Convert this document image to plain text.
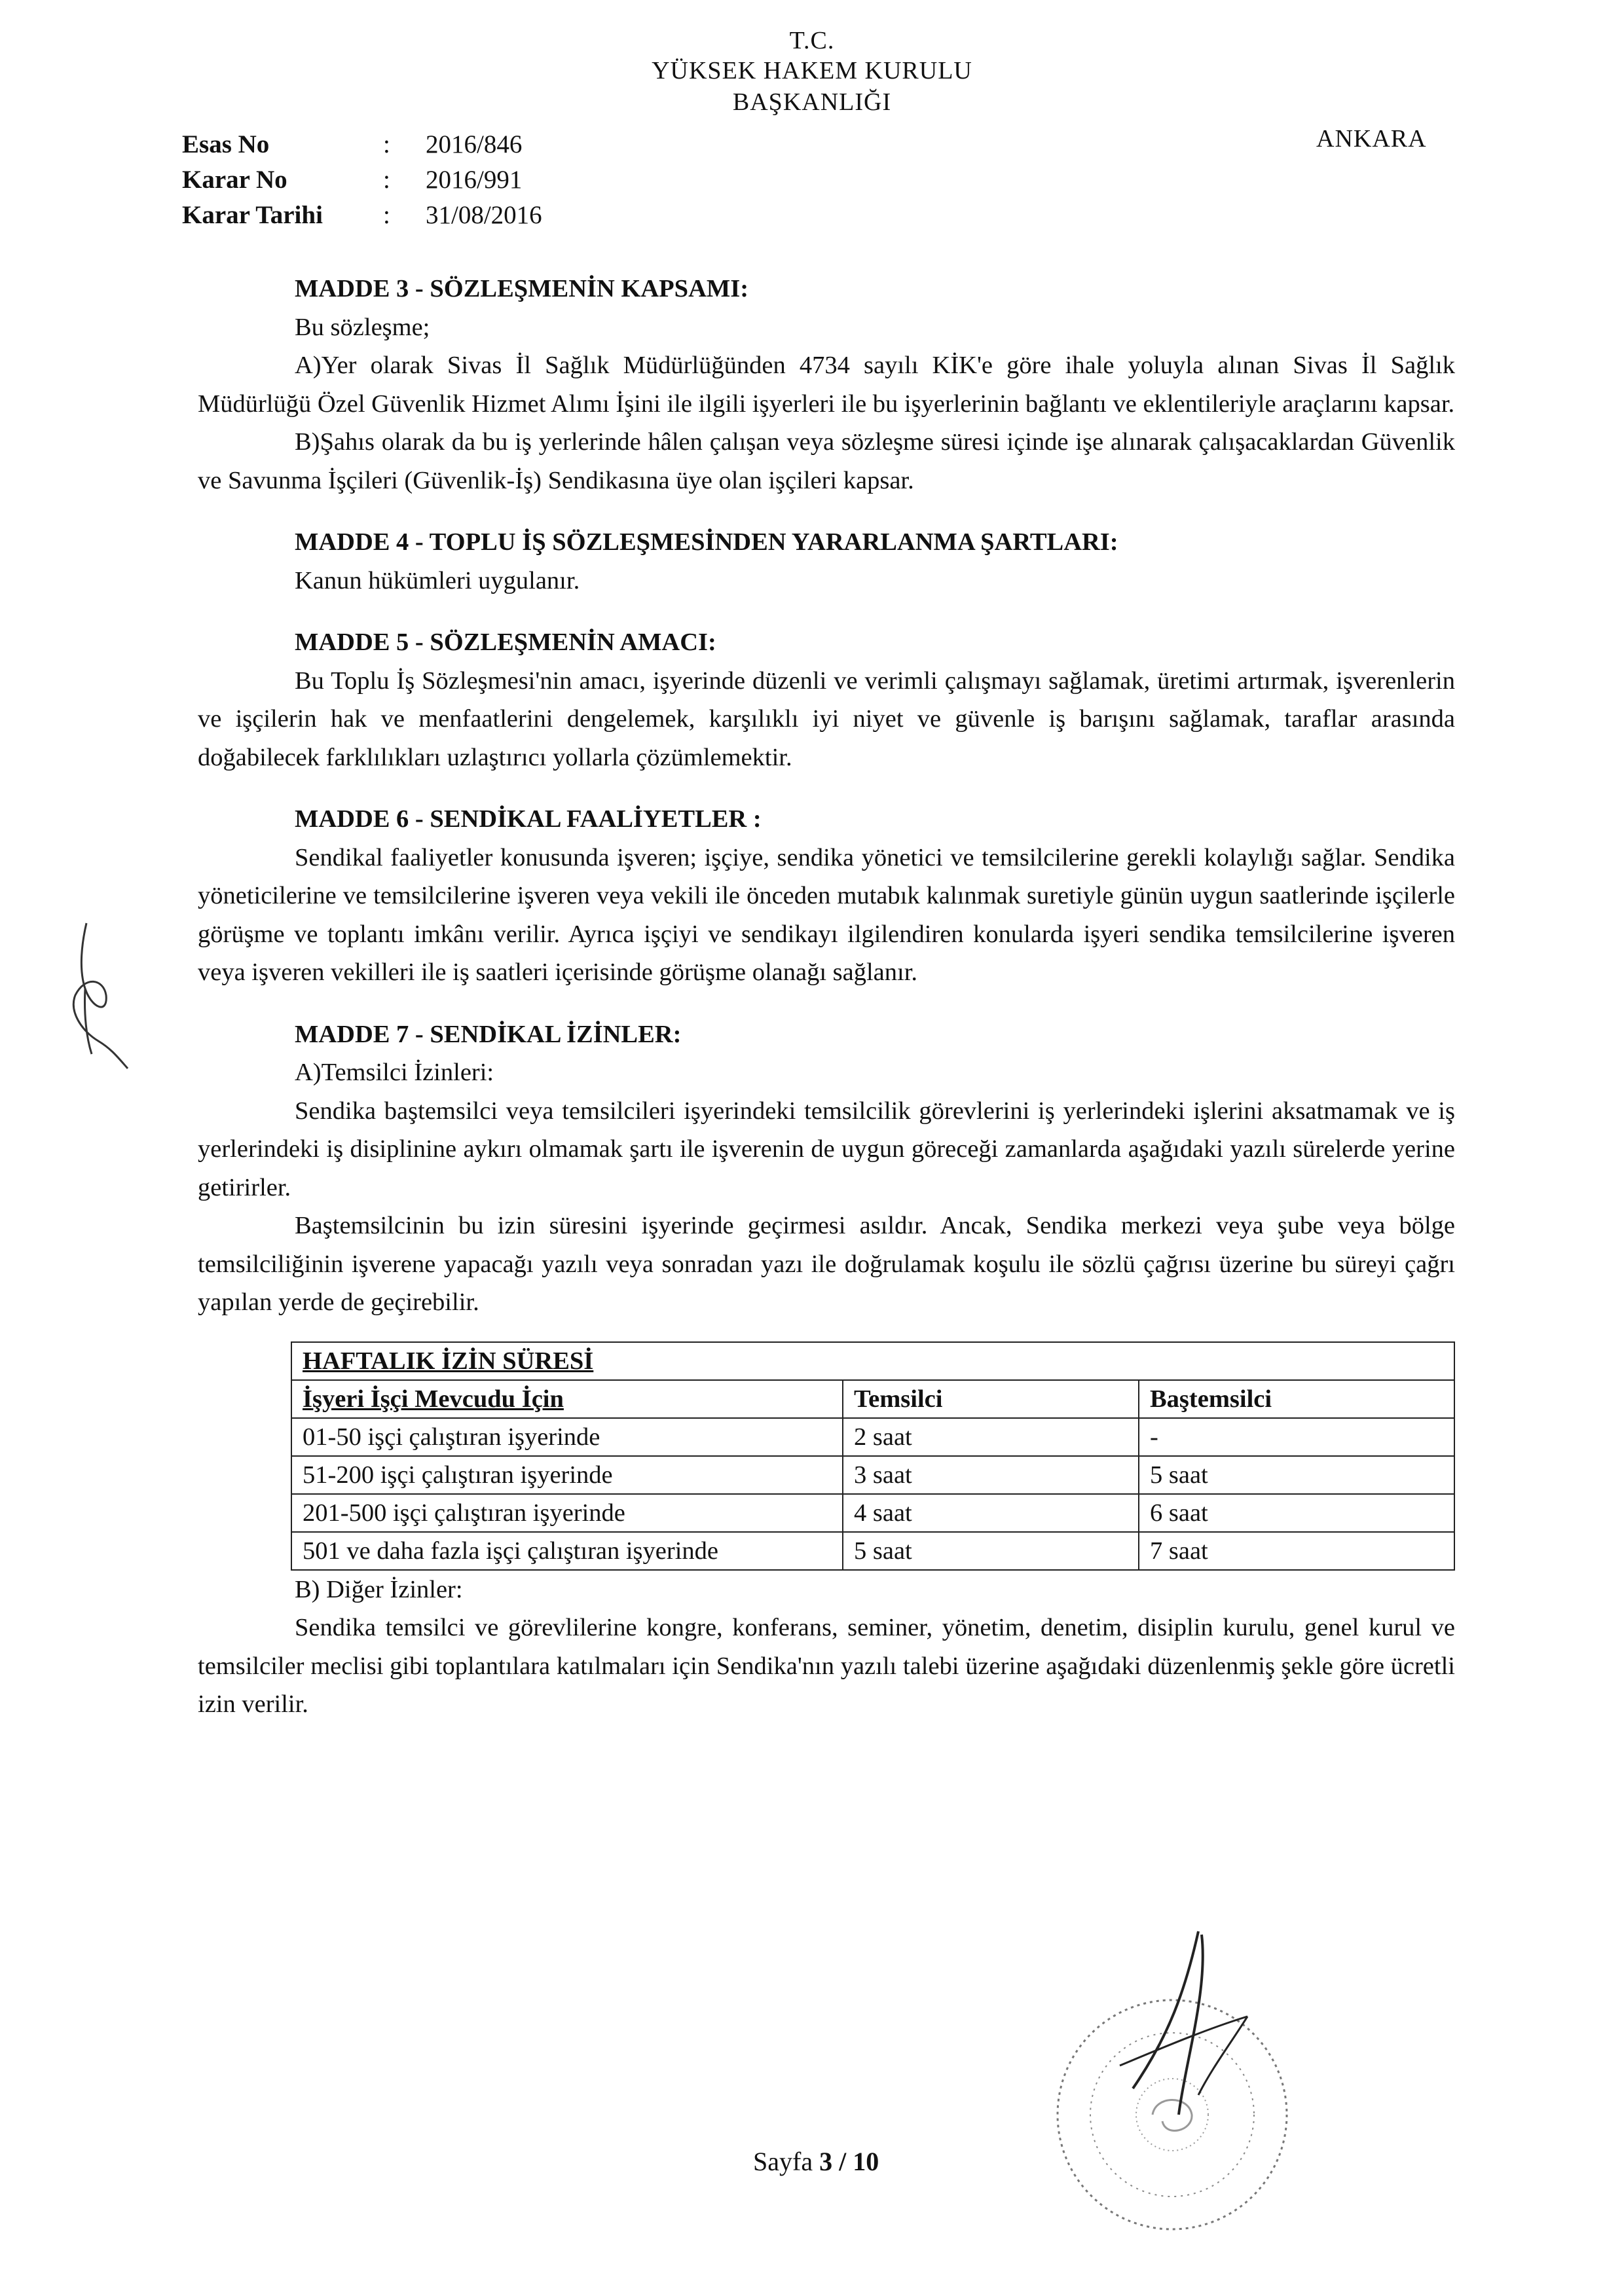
T.C.
YÜKSEK HAKEM KURULU
BAŞKANLIĞI
ANKARA
Esas No	: 2016/846
Karar No	: 2016/991
Karar Tarihi : 31/08/2016
MADDE 3 - SÖZLEŞMENİN KAPSAMI:
Bu sözleşme;
A)Yer olarak Sivas İl Sağlık Müdürlüğünden 4734 sayılı KİK'e göre ihale yoluyla alınan Sivas İl Sağlık Müdürlüğü Özel Güvenlik Hizmet Alımı İşini ile ilgili işyerleri ile bu işyerlerinin bağlantı ve eklentileriyle araçlarını kapsar.
B)Şahıs olarak da bu iş yerlerinde hâlen çalışan veya sözleşme süresi içinde işe alınarak çalışacaklardan Güvenlik ve Savunma İşçileri (Güvenlik-İş) Sendikasına üye olan işçileri kapsar.
MADDE 4 - TOPLU İŞ SÖZLEŞMESİNDEN YARARLANMA ŞARTLARI:
Kanun hükümleri uygulanır.
MADDE 5 - SÖZLEŞMENİN AMACI:
Bu Toplu İş Sözleşmesi'nin amacı, işyerinde düzenli ve verimli çalışmayı sağlamak, üretimi artırmak, işverenlerin ve işçilerin hak ve menfaatlerini dengelemek, karşılıklı iyi niyet ve güvenle iş barışını sağlamak, taraflar arasında doğabilecek farklılıkları uzlaştırıcı yollarla çözümlemektir.
MADDE 6 - SENDİKAL FAALİYETLER :
Sendikal faaliyetler konusunda işveren; işçiye, sendika yönetici ve temsilcilerine gerekli kolaylığı sağlar. Sendika yöneticilerine ve temsilcilerine işveren veya vekili ile önceden mutabık kalınmak suretiyle günün uygun saatlerinde işçilerle görüşme ve toplantı imkânı verilir. Ayrıca işçiyi ve sendikayı ilgilendiren konularda işyeri sendika temsilcilerine işveren veya işveren vekilleri ile iş saatleri içerisinde görüşme olanağı sağlanır.
MADDE 7 - SENDİKAL İZİNLER:
A)Temsilci İzinleri:
Sendika baştemsilci veya temsilcileri işyerindeki temsilcilik görevlerini iş yerlerindeki işlerini aksatmamak ve iş yerlerindeki iş disiplinine aykırı olmamak şartı ile işverenin de uygun göreceği zamanlarda aşağıdaki yazılı sürelerde yerine getirirler.
Baştemsilcinin bu izin süresini işyerinde geçirmesi asıldır. Ancak, Sendika merkezi veya şube veya bölge temsilciliğinin işverene yapacağı yazılı veya sonradan yazı ile doğrulamak koşulu ile sözlü çağrısı üzerine bu süreyi çağrı yapılan yerde de geçirebilir.
HAFTALIK İZİN SÜRESİ		
İşyeri İşçi Mevcudu İçin	Temsilci	Baştemsilci
01-50 işçi çalıştıran işyerinde	2 saat	-
51-200 işçi çalıştıran işyerinde	3 saat	5 saat
201-500 işçi çalıştıran işyerinde	4 saat	6 saat
501 ve daha fazla işçi çalıştıran işyerinde	5 saat	7 saat
B) Diğer İzinler:
Sendika temsilci ve görevlilerine kongre, konferans, seminer, yönetim, denetim, disiplin kurulu, genel kurul ve temsilciler meclisi gibi toplantılara katılmaları için Sendika'nın yazılı talebi üzerine aşağıdaki düzenlenmiş şekle göre ücretli izin verilir.
Sayfa 3 / 10
